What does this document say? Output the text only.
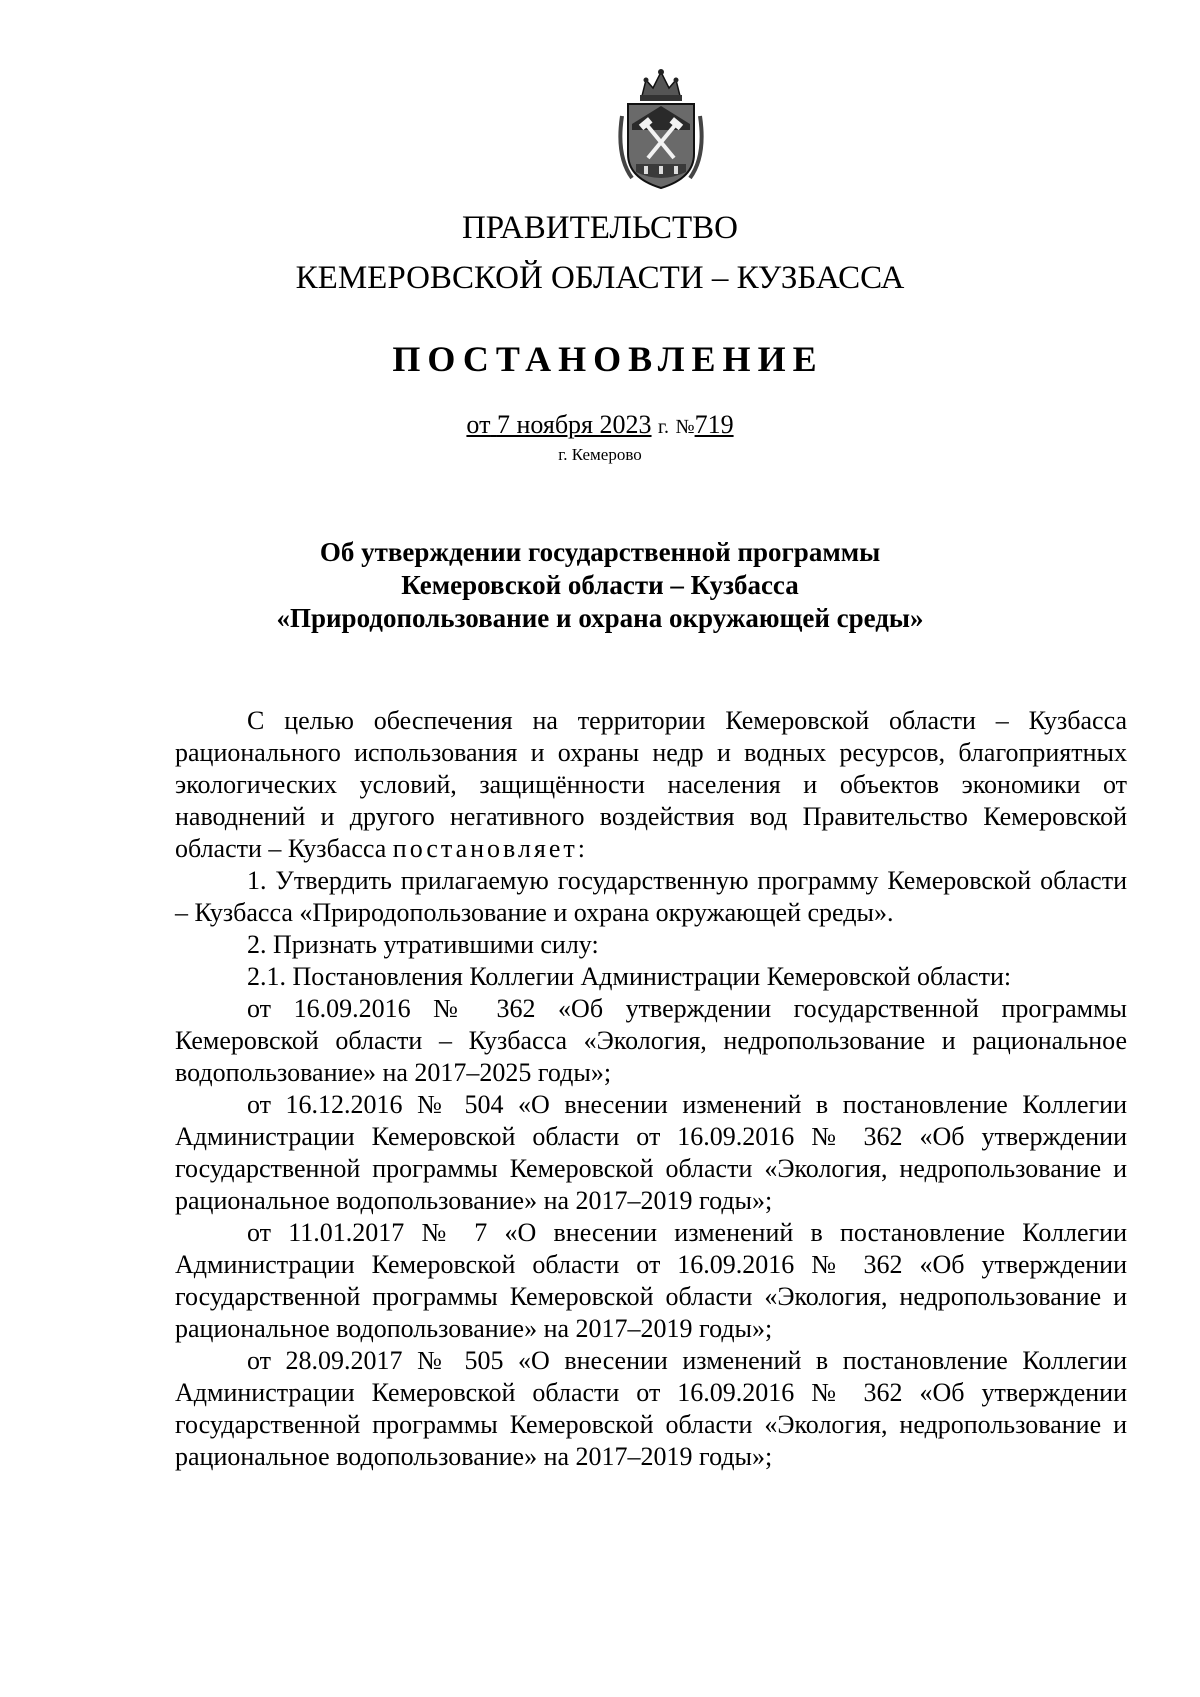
ПРАВИТЕЛЬСТВО
КЕМЕРОВСКОЙ ОБЛАСТИ – КУЗБАССА
ПОСТАНОВЛЕНИЕ
от 7 ноября 2023 г. №719
г. Кемерово
Об утверждении государственной программы
Кемеровской области – Кузбасса
«Природопользование и охрана окружающей среды»

С целью обеспечения на территории Кемеровской области – Кузбасса рационального использования и охраны недр и водных ресурсов, благоприятных экологических условий, защищённости населения и объектов экономики от наводнений и другого негативного воздействия вод Правительство Кемеровской области – Кузбасса постановляет:

1. Утвердить прилагаемую государственную программу Кемеровской области – Кузбасса «Природопользование и охрана окружающей среды».

2. Признать утратившими силу:

2.1. Постановления Коллегии Администрации Кемеровской области:

от 16.09.2016 № 362 «Об утверждении государственной программы Кемеровской области – Кузбасса «Экология, недропользование и рациональное водопользование» на 2017–2025 годы»;

от 16.12.2016 № 504 «О внесении изменений в постановление Коллегии Администрации Кемеровской области от 16.09.2016 № 362 «Об утверждении государственной программы Кемеровской области «Экология, недропользование и рациональное водопользование» на 2017–2019 годы»;

от 11.01.2017 № 7 «О внесении изменений в постановление Коллегии Администрации Кемеровской области от 16.09.2016 № 362 «Об утверждении государственной программы Кемеровской области «Экология, недропользование и рациональное водопользование» на 2017–2019 годы»;

от 28.09.2017 № 505 «О внесении изменений в постановление Коллегии Администрации Кемеровской области от 16.09.2016 № 362 «Об утверждении государственной программы Кемеровской области «Экология, недропользование и рациональное водопользование» на 2017–2019 годы»;
